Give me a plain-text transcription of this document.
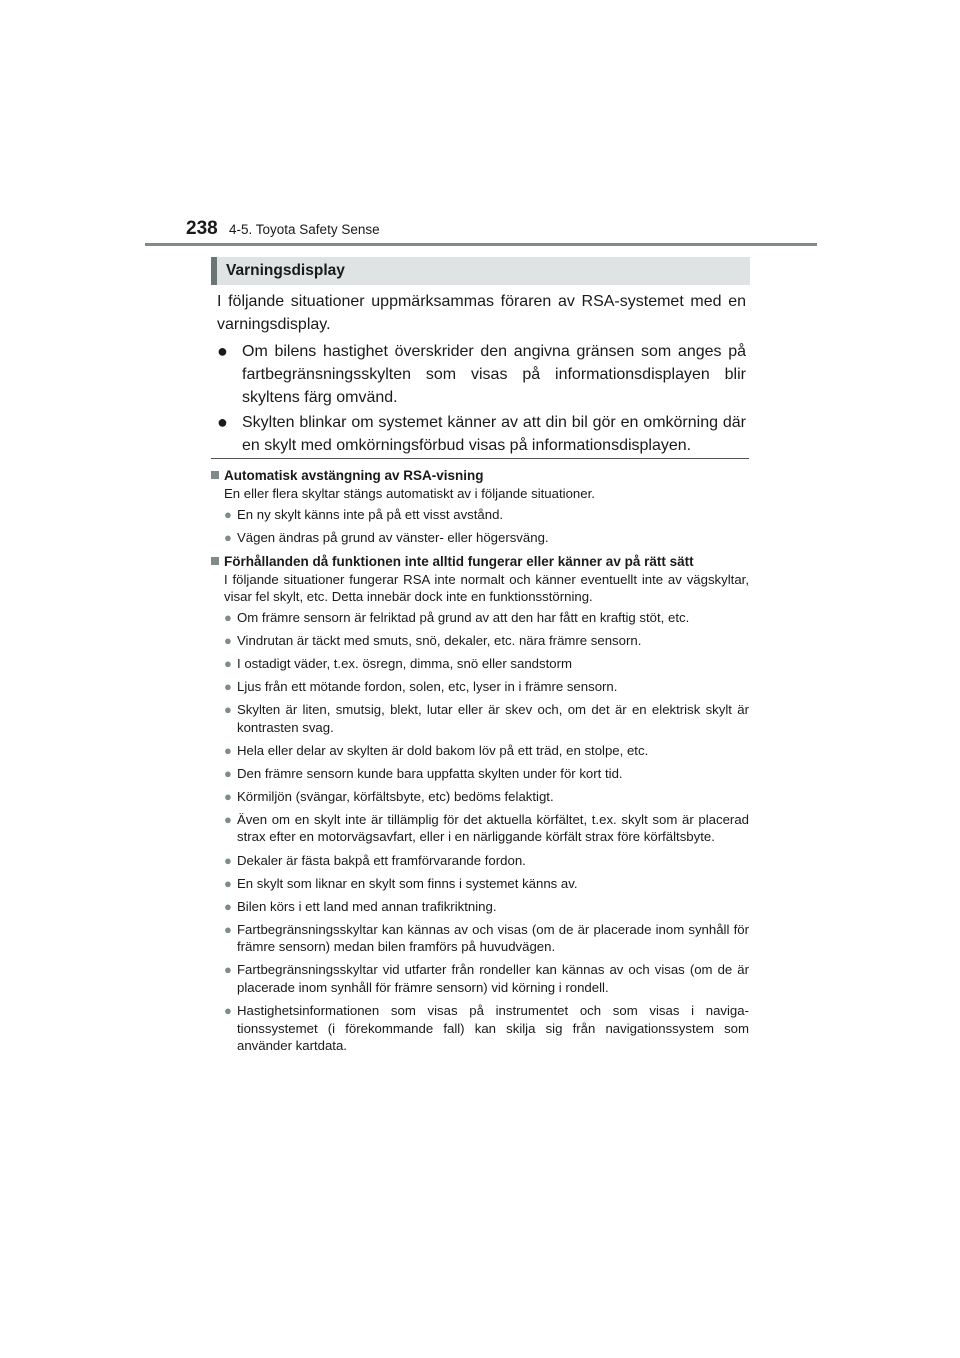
238 4-5. Toyota Safety Sense
Varningsdisplay

I följande situationer uppmärksammas föraren av RSA-systemet med en varningsdisplay.

● Om bilens hastighet överskrider den angivna gränsen som anges på fartbegränsningsskylten som visas på informationsdisplayen blir skyltens färg omvänd.
● Skylten blinkar om systemet känner av att din bil gör en omkörning där en skylt med omkörningsförbud visas på informationsdisplayen.

Automatisk avstängning av RSA-visning

En eller flera skyltar stängs automatiskt av i följande situationer.

● En ny skylt känns inte på på ett visst avstånd.
● Vägen ändras på grund av vänster- eller högersväng.

Förhållanden då funktionen inte alltid fungerar eller känner av på rätt sätt

I följande situationer fungerar RSA inte normalt och känner eventuellt inte av vägskyltar, visar fel skylt, etc. Detta innebär dock inte en funktionsstörning.

● Om främre sensorn är felriktad på grund av att den har fått en kraftig stöt, etc.
● Vindrutan är täckt med smuts, snö, dekaler, etc. nära främre sensorn.
● I ostadigt väder, t.ex. ösregn, dimma, snö eller sandstorm
● Ljus från ett mötande fordon, solen, etc, lyser in i främre sensorn.
● Skylten är liten, smutsig, blekt, lutar eller är skev och, om det är en elektrisk skylt är kontrasten svag.
● Hela eller delar av skylten är dold bakom löv på ett träd, en stolpe, etc.
● Den främre sensorn kunde bara uppfatta skylten under för kort tid.
● Körmiljön (svängar, körfältsbyte, etc) bedöms felaktigt.
● Även om en skylt inte är tillämplig för det aktuella körfältet, t.ex. skylt som är placerad strax efter en motorvägsavfart, eller i en närliggande körfält strax före körfältsbyte.
● Dekaler är fästa bakpå ett framförvarande fordon.
● En skylt som liknar en skylt som finns i systemet känns av.
● Bilen körs i ett land med annan trafikriktning.
● Fartbegränsningsskyltar kan kännas av och visas (om de är placerade inom synhåll för främre sensorn) medan bilen framförs på huvudvägen.
● Fartbegränsningsskyltar vid utfarter från rondeller kan kännas av och visas (om de är placerade inom synhåll för främre sensorn) vid körning i rondell.
● Hastighetsinformationen som visas på instrumentet och som visas i naviga-tionssystemet (i förekommande fall) kan skilja sig från navigationssystem som använder kartdata.
